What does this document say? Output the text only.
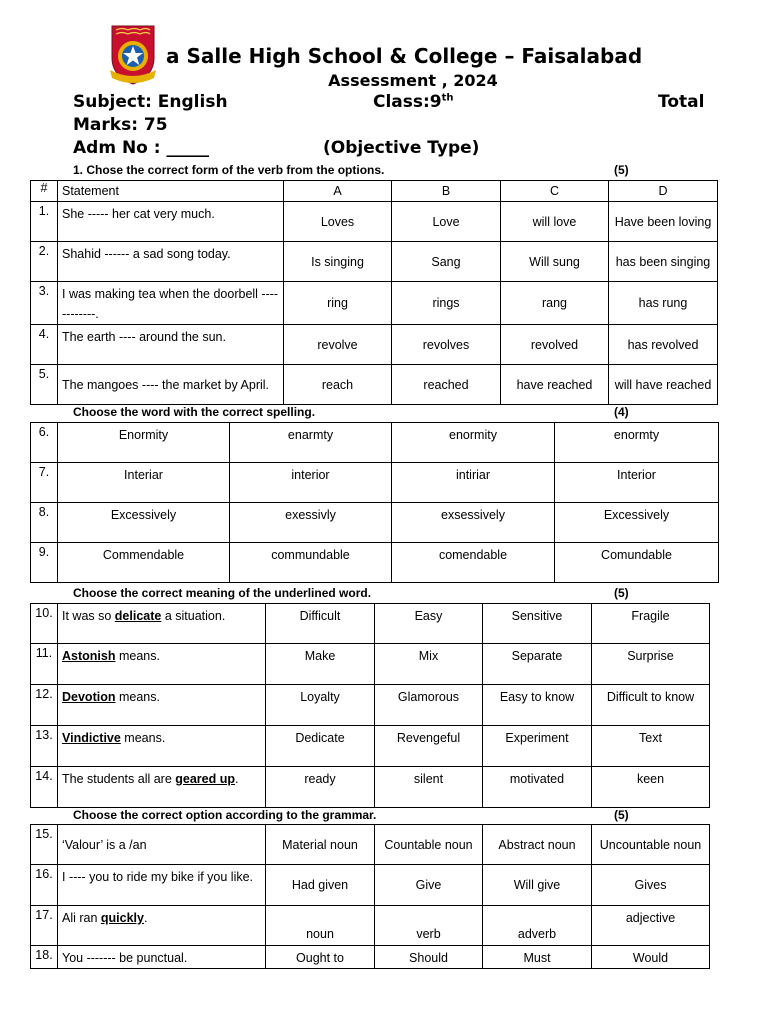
a Salle High School & College – Faisalabad
Assessment , 2024
Subject: English	Class:9th	Total
Marks: 75
Adm No : _____	(Objective Type)
1. Chose the correct form of the verb from the options.	(5)
#	Statement	A	B	C	D
1.	She ----- her cat very much.	Loves	Love	will love	Have been loving
2.	Shahid ------ a sad song today.	Is singing	Sang	Will sung	has been singing
3.	I was making tea when the doorbell ------------.	ring	rings	rang	has rung
4.	The earth ---- around the sun.	revolve	revolves	revolved	has revolved
5.	The mangoes ---- the market by April.	reach	reached	have reached	will have reached
Choose the word with the correct spelling.	(4)
6.	Enormity	enarmty	enormity	enormty
7.	Interiar	interior	intiriar	Interior
8.	Excessively	exessivly	exsessively	Excessively
9.	Commendable	commundable	comendable	Comundable
Choose the correct meaning of the underlined word.	(5)
10.	It was so delicate a situation.	Difficult	Easy	Sensitive	Fragile
11.	Astonish means.	Make	Mix	Separate	Surprise
12.	Devotion means.	Loyalty	Glamorous	Easy to know	Difficult to know
13.	Vindictive means.	Dedicate	Revengeful	Experiment	Text
14.	The students all are geared up.	ready	silent	motivated	keen
Choose the correct option according to the grammar.	(5)
15.	‘Valour’ is a /an	Material noun	Countable noun	Abstract noun	Uncountable noun
16.	I ---- you to ride my bike if you like.	Had given	Give	Will give	Gives
17.	Ali ran quickly.	noun	verb	adverb	adjective
18.	You ------- be punctual.	Ought to	Should	Must	Would
